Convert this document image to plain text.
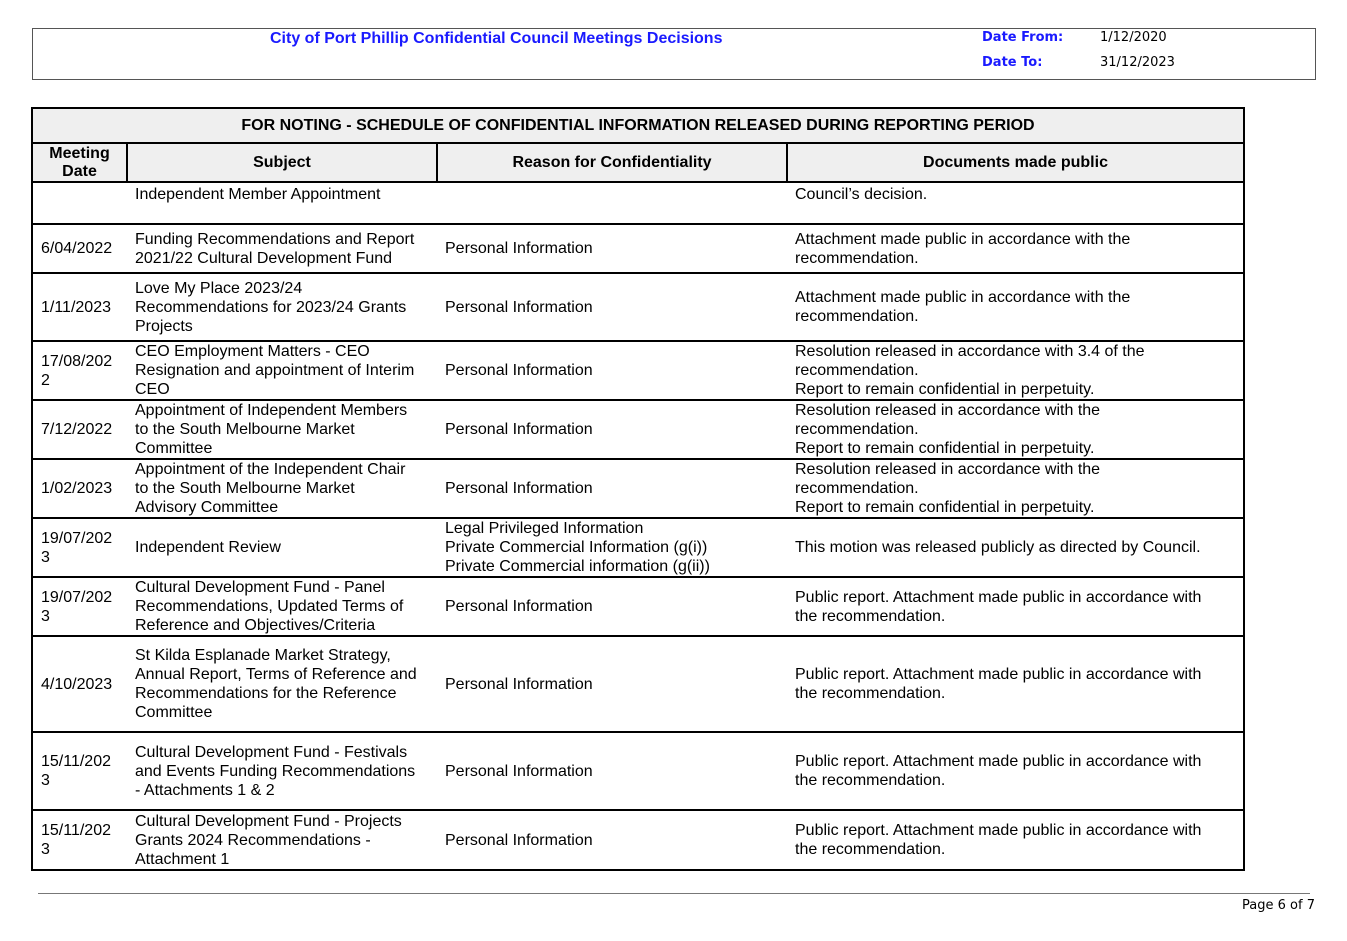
City of Port Phillip Confidential Council Meetings Decisions	Date From:	1/12/2020
Date To:	31/12/2023
FOR NOTING - SCHEDULE OF CONFIDENTIAL INFORMATION RELEASED DURING REPORTING PERIOD			
Meeting
Date	Subject	Reason for Confidentiality	Documents made public
	Independent Member Appointment		Council’s decision.
6/04/2022	Funding Recommendations and Report
2021/22 Cultural Development Fund	Personal Information	Attachment made public in accordance with the
recommendation.
1/11/2023	Love My Place 2023/24
Recommendations for 2023/24 Grants
Projects	Personal Information	Attachment made public in accordance with the
recommendation.
17/08/202
2	CEO Employment Matters - CEO
Resignation and appointment of Interim
CEO	Personal Information	Resolution released in accordance with 3.4 of the
recommendation.
Report to remain confidential in perpetuity.
7/12/2022	Appointment of Independent Members
to the South Melbourne Market
Committee	Personal Information	Resolution released in accordance with the
recommendation.
Report to remain confidential in perpetuity.
1/02/2023	Appointment of the Independent Chair
to the South Melbourne Market
Advisory Committee	Personal Information	Resolution released in accordance with the
recommendation.
Report to remain confidential in perpetuity.
19/07/202
3	Independent Review	Legal Privileged Information
Private Commercial Information (g(i))
Private Commercial information (g(ii))	This motion was released publicly as directed by Council.
19/07/202
3	Cultural Development Fund - Panel
Recommendations, Updated Terms of
Reference and Objectives/Criteria	Personal Information	Public report. Attachment made public in accordance with
the recommendation.
4/10/2023	St Kilda Esplanade Market Strategy,
Annual Report, Terms of Reference and
Recommendations for the Reference
Committee	Personal Information	Public report. Attachment made public in accordance with
the recommendation.
15/11/202
3	Cultural Development Fund - Festivals
and Events Funding Recommendations
- Attachments 1 & 2	Personal Information	Public report. Attachment made public in accordance with
the recommendation.
15/11/202
3	Cultural Development Fund - Projects
Grants 2024 Recommendations -
Attachment 1	Personal Information	Public report. Attachment made public in accordance with
the recommendation.
Page 6 of 7
